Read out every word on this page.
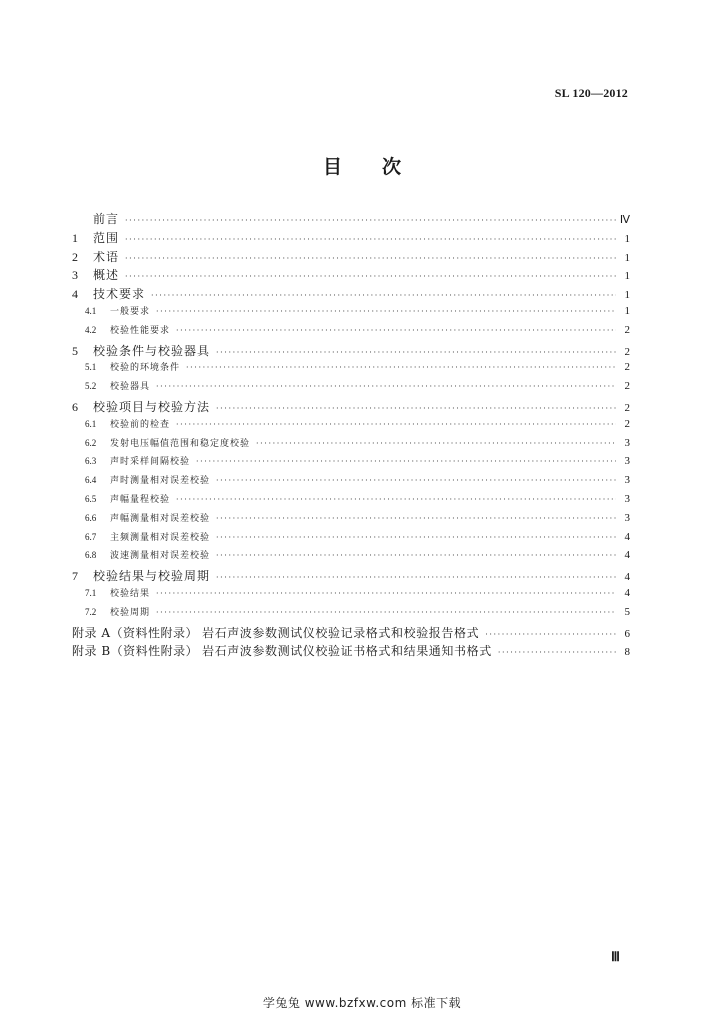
SL 120—2012
目 次
前言 ·····	Ⅳ
1	范围 ·····	1
2	术语 ·····	1
3	概述 ·····	1
4	技术要求 ·····	1
4.1	一般要求 ·····	1
4.2	校验性能要求 ·····	2
5	校验条件与校验器具 ·····	2
5.1	校验的环境条件 ·····	2
5.2	校验器具 ·····	2
6	校验项目与校验方法 ·····	2
6.1	校验前的检查 ·····	2
6.2	发射电压幅值范围和稳定度校验 ·····	3
6.3	声时采样间隔校验 ·····	3
6.4	声时测量相对误差校验 ·····	3
6.5	声幅量程校验 ·····	3
6.6	声幅测量相对误差校验 ·····	3
6.7	主频测量相对误差校验 ·····	4
6.8	波速测量相对误差校验 ·····	4
7	校验结果与校验周期 ·····	4
7.1	校验结果 ·····	4
7.2	校验周期 ·····	5
附录 A（资料性附录） 岩石声波参数测试仪校验记录格式和校验报告格式 ·····	6
附录 B（资料性附录） 岩石声波参数测试仪校验证书格式和结果通知书格式 ·····	8
Ⅲ
学兔兔 www.bzfxw.com 标准下载
